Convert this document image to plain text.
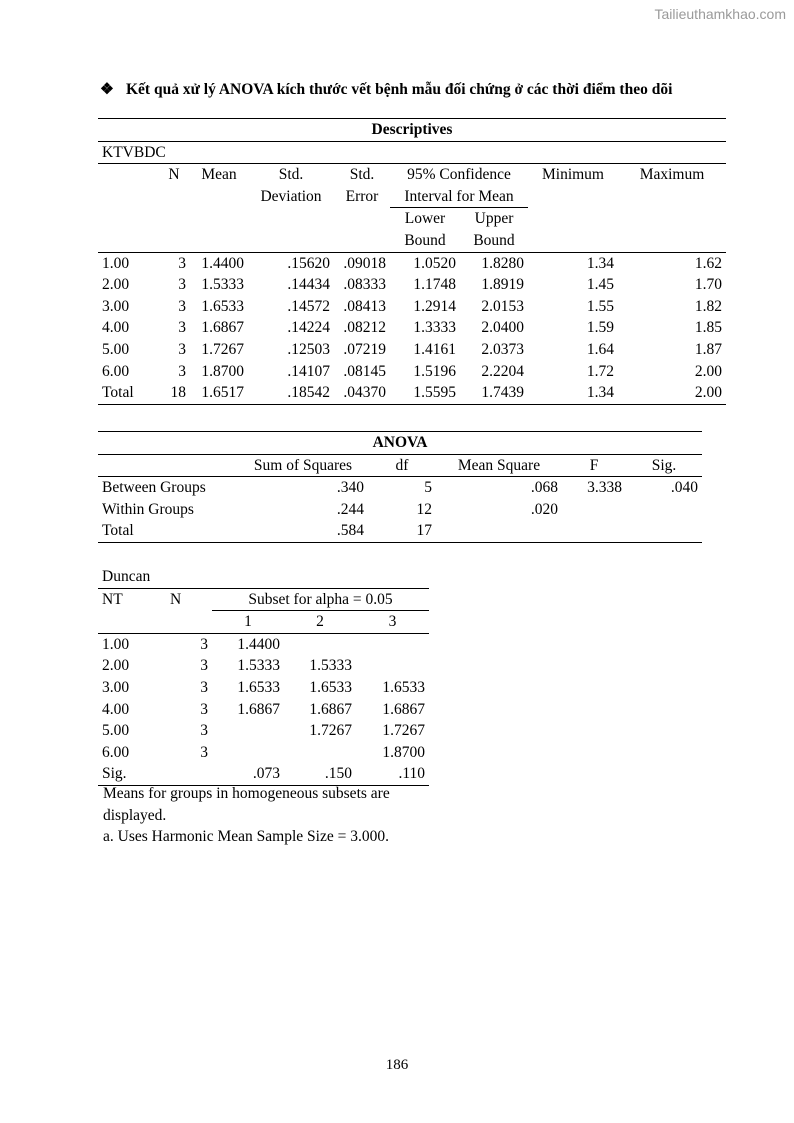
Tailieuthamkhao.com
❖ Kết quả xử lý ANOVA kích thước vết bệnh mẫu đối chứng ở các thời điểm theo dõi
Descriptives								
KTVBDC								
	N	Mean	Std.	Std.	95% Confidence		Minimum	Maximum
			Deviation	Error	Interval for Mean			
					Lower	Upper		
					Bound	Bound		
1.00	3	1.4400	.15620	.09018	1.0520	1.8280	1.34	1.62
2.00	3	1.5333	.14434	.08333	1.1748	1.8919	1.45	1.70
3.00	3	1.6533	.14572	.08413	1.2914	2.0153	1.55	1.82
4.00	3	1.6867	.14224	.08212	1.3333	2.0400	1.59	1.85
5.00	3	1.7267	.12503	.07219	1.4161	2.0373	1.64	1.87
6.00	3	1.8700	.14107	.08145	1.5196	2.2204	1.72	2.00
Total	18	1.6517	.18542	.04370	1.5595	1.7439	1.34	2.00
ANOVA					
	Sum of Squares	df	Mean Square	F	Sig.
Between Groups	.340	5	.068	3.338	.040
Within Groups	.244	12	.020		
Total	.584	17			
Duncan				
NT	N	Subset for alpha = 0.05		
		1	2	3
1.00	3	1.4400		
2.00	3	1.5333	1.5333	
3.00	3	1.6533	1.6533	1.6533
4.00	3	1.6867	1.6867	1.6867
5.00	3		1.7267	1.7267
6.00	3			1.8700
Sig.		.073	.150	.110
Means for groups in homogeneous subsets are displayed.
a. Uses Harmonic Mean Sample Size = 3.000.
186
